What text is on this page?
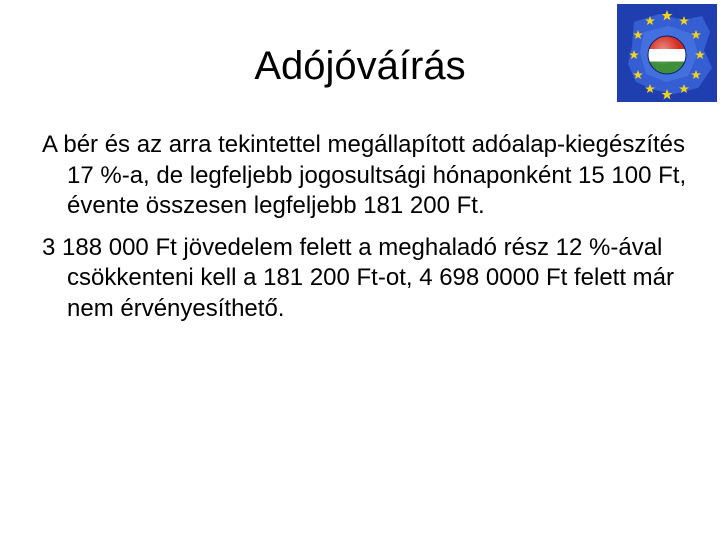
Adójóváírás

A bér és az arra tekintettel megállapított adóalap-kiegészítés 17 %-a, de legfeljebb jogosultsági hónaponként 15 100 Ft, évente összesen legfeljebb 181 200 Ft.

3 188 000 Ft jövedelem felett a meghaladó rész 12 %-ával csökkenteni kell a 181 200 Ft-ot, 4 698 0000 Ft felett már nem érvényesíthető.
